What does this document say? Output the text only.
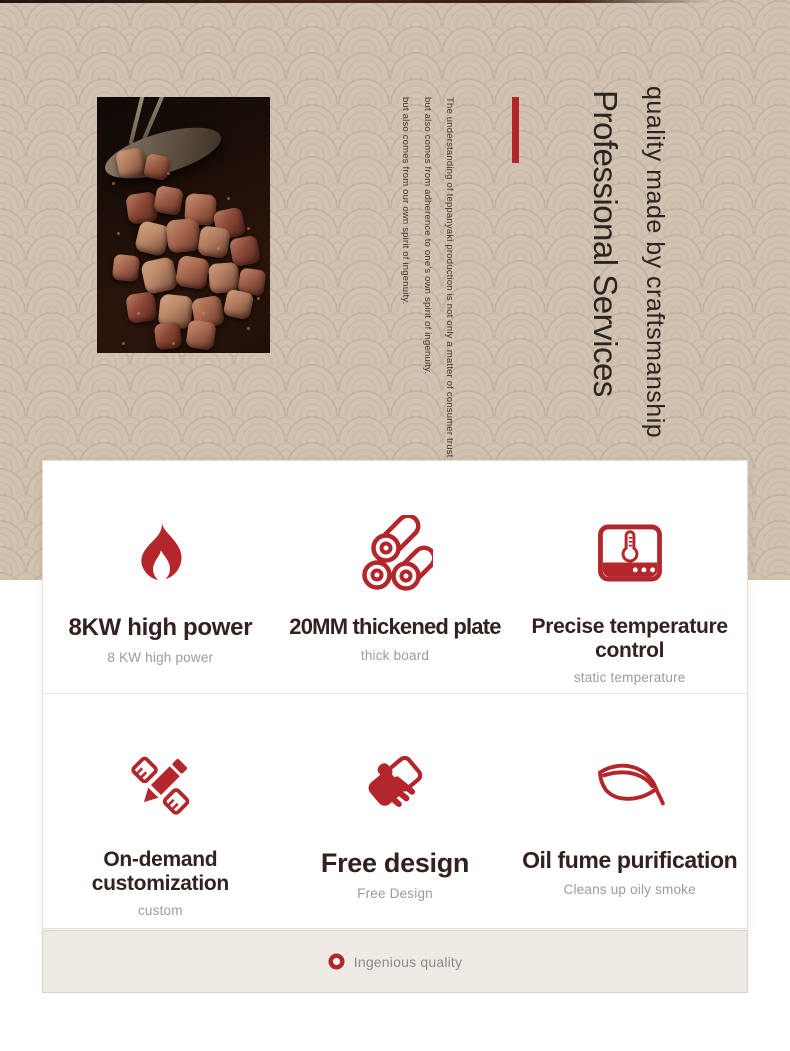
quality made by craftsmanship
Professional Services

The understanding of teppanyaki production is not only a matter of consumer trust

but also comes from adherence to one's own spirit of ingenuity.

but also comes from our own spirit of ingenuity.

8KW high power
8 KW high power
20MM thickened plate
thick board
Precise temperature control
static temperature
On-demand customization
custom
Free design
Free Design
Oil fume purification
Cleans up oily smoke
Ingenious quality
